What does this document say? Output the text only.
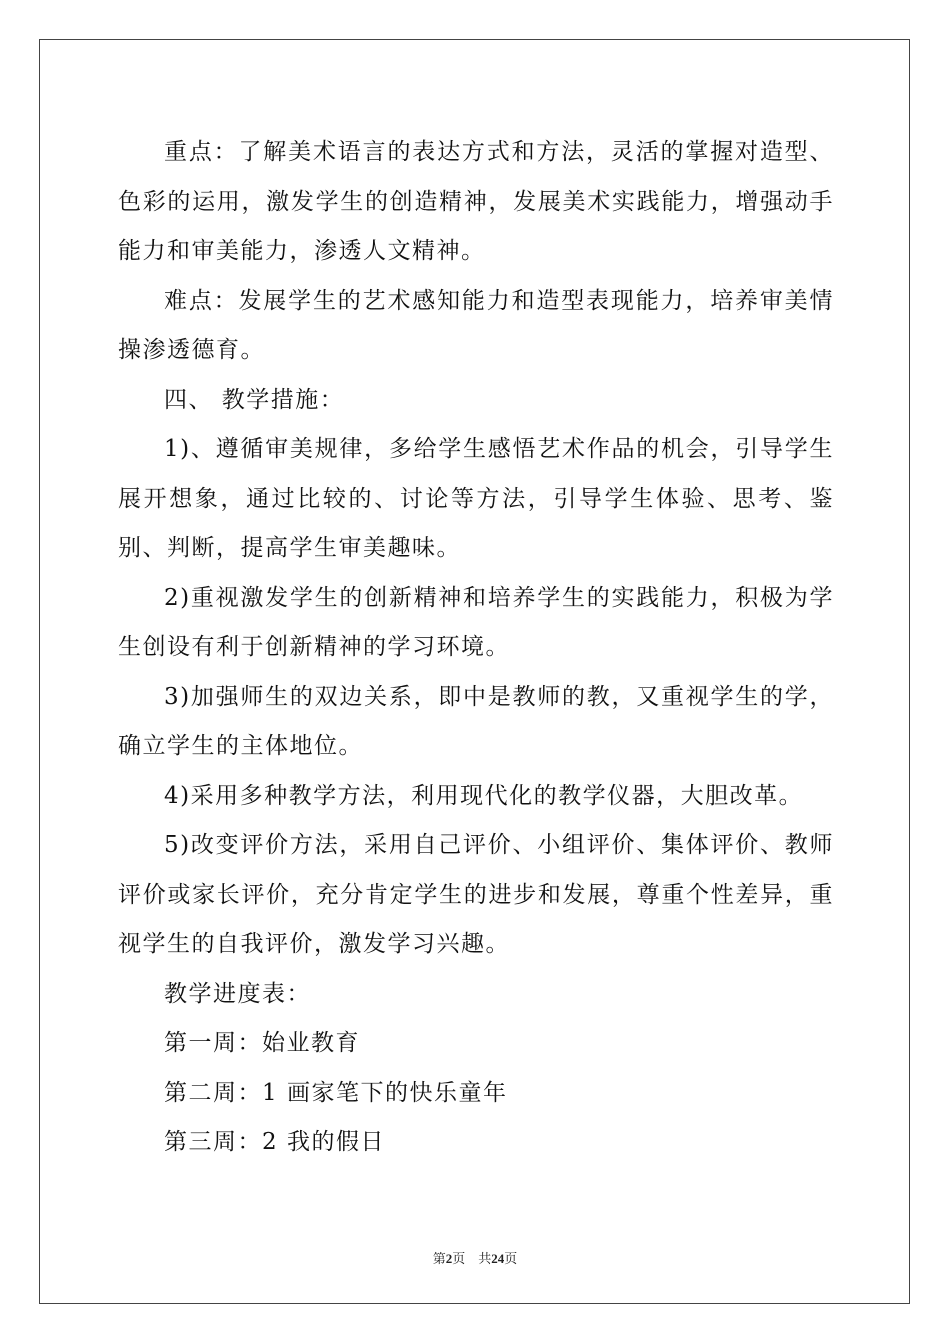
重点：了解美术语言的表达方式和方法，灵活的掌握对造型、色彩的运用，激发学生的创造精神，发展美术实践能力，增强动手能力和审美能力，渗透人文精神。

难点：发展学生的艺术感知能力和造型表现能力，培养审美情操渗透德育。

四、 教学措施：

1)、遵循审美规律，多给学生感悟艺术作品的机会，引导学生展开想象，通过比较的、讨论等方法，引导学生体验、思考、鉴别、判断，提高学生审美趣味。

2)重视激发学生的创新精神和培养学生的实践能力，积极为学生创设有利于创新精神的学习环境。

3)加强师生的双边关系，即中是教师的教，又重视学生的学，确立学生的主体地位。

4)采用多种教学方法，利用现代化的教学仪器，大胆改革。

5)改变评价方法，采用自己评价、小组评价、集体评价、教师评价或家长评价，充分肯定学生的进步和发展，尊重个性差异，重视学生的自我评价，激发学习兴趣。

教学进度表：

第一周：始业教育

第二周：1 画家笔下的快乐童年

第三周：2 我的假日

第2页　共24页
